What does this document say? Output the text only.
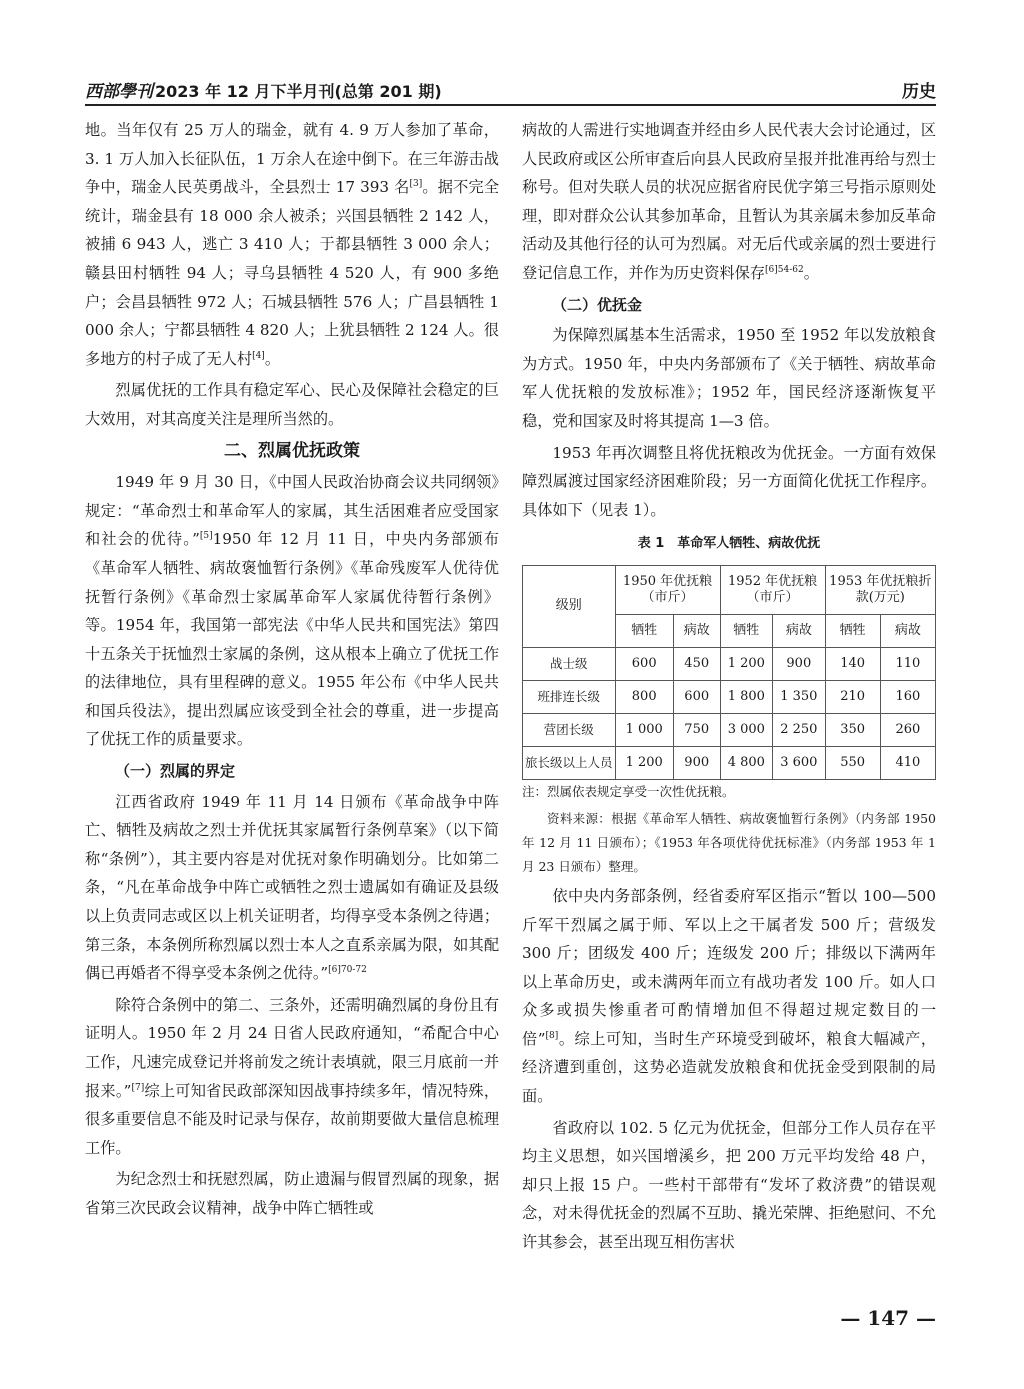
西部學刊 2023 年 12 月下半月刊(总第 201 期)	历史

地。当年仅有 25 万人的瑞金，就有 4. 9 万人参加了革命，3. 1 万人加入长征队伍，1 万余人在途中倒下。在三年游击战争中，瑞金人民英勇战斗，全县烈士 17 393 名[3]。据不完全统计，瑞金县有 18 000 余人被杀；兴国县牺牲 2 142 人，被捕 6 943 人，逃亡 3 410 人；于都县牺牲 3 000 余人；赣县田村牺牲 94 人；寻乌县牺牲 4 520 人，有 900 多绝户；会昌县牺牲 972 人；石城县牺牲 576 人；广昌县牺牲 1 000 余人；宁都县牺牲 4 820 人；上犹县牺牲 2 124 人。很多地方的村子成了无人村[4]。

烈属优抚的工作具有稳定军心、民心及保障社会稳定的巨大效用，对其高度关注是理所当然的。

二、烈属优抚政策

1949 年 9 月 30 日，《中国人民政治协商会议共同纲领》规定：“革命烈士和革命军人的家属，其生活困难者应受国家和社会的优待。”[5]1950 年 12 月 11 日，中央内务部颁布《革命军人牺牲、病故褒恤暂行条例》《革命残废军人优待优抚暂行条例》《革命烈士家属革命军人家属优待暂行条例》等。1954 年，我国第一部宪法《中华人民共和国宪法》第四十五条关于抚恤烈士家属的条例，这从根本上确立了优抚工作的法律地位，具有里程碑的意义。1955 年公布《中华人民共和国兵役法》，提出烈属应该受到全社会的尊重，进一步提高了优抚工作的质量要求。

（一）烈属的界定

江西省政府 1949 年 11 月 14 日颁布《革命战争中阵亡、牺牲及病故之烈士并优抚其家属暂行条例草案》（以下简称“条例”），其主要内容是对优抚对象作明确划分。比如第二条，“凡在革命战争中阵亡或牺牲之烈士遗属如有确证及县级以上负责同志或区以上机关证明者，均得享受本条例之待遇；第三条，本条例所称烈属以烈士本人之直系亲属为限，如其配偶已再婚者不得享受本条例之优待。”$^{[6]70-72}$

除符合条例中的第二、三条外，还需明确烈属的身份且有证明人。1950 年 2 月 24 日省人民政府通知，“希配合中心工作，凡速完成登记并将前发之统计表填就，限三月底前一并报来。”[7]综上可知省民政部深知因战事持续多年，情况特殊，很多重要信息不能及时记录与保存，故前期要做大量信息梳理工作。

为纪念烈士和抚慰烈属，防止遗漏与假冒烈属的现象，据省第三次民政会议精神，战争中阵亡牺牲或

病故的人需进行实地调查并经由乡人民代表大会讨论通过，区人民政府或区公所审查后向县人民政府呈报并批准再给与烈士称号。但对失联人员的状况应据省府民优字第三号指示原则处理，即对群众公认其参加革命，且暂认为其亲属未参加反革命活动及其他行径的认可为烈属。对无后代或亲属的烈士要进行登记信息工作，并作为历史资料保存$^{[6]54-62}$。

（二）优抚金

为保障烈属基本生活需求，1950 至 1952 年以发放粮食为方式。1950 年，中央内务部颁布了《关于牺牲、病故革命军人优抚粮的发放标准》；1952 年，国民经济逐渐恢复平稳，党和国家及时将其提高 1—3 倍。

1953 年再次调整且将优抚粮改为优抚金。一方面有效保障烈属渡过国家经济困难阶段；另一方面简化优抚工作程序。具体如下（见表 1）。

表 1　革命军人牺牲、病故优抚
级别	1950 年优抚粮（市斤）		1952 年优抚粮（市斤）		1953 年优抚粮折款(万元)	
	牺牲	病故	牺牲	病故	牺牲	病故
战士级	600	450	1 200	900	140	110
班排连长级	800	600	1 800	1 350	210	160
营团长级	1 000	750	3 000	2 250	350	260
旅长级以上人员	1 200	900	4 800	3 600	550	410

注：烈属依表规定享受一次性优抚粮。

资料来源：根据《革命军人牺牲、病故褒恤暂行条例》（内务部 1950 年 12 月 11 日颁布）；《1953 年各项优待优抚标准》（内务部 1953 年 1 月 23 日颁布）整理。

依中央内务部条例，经省委府军区指示“暂以 100—500 斤军干烈属之属于师、军以上之干属者发 500 斤；营级发 300 斤；团级发 400 斤；连级发 200 斤；排级以下满两年以上革命历史，或未满两年而立有战功者发 100 斤。如人口众多或损失惨重者可酌情增加但不得超过规定数目的一倍”[8]。综上可知，当时生产环境受到破坏，粮食大幅减产，经济遭到重创，这势必造就发放粮食和优抚金受到限制的局面。

省政府以 102. 5 亿元为优抚金，但部分工作人员存在平均主义思想，如兴国增溪乡，把 200 万元平均发给 48 户，却只上报 15 户。一些村干部带有“发坏了救济费”的错误观念，对未得优抚金的烈属不互助、撬光荣牌、拒绝慰问、不允许其参会，甚至出现互相伤害状

— 147 —
